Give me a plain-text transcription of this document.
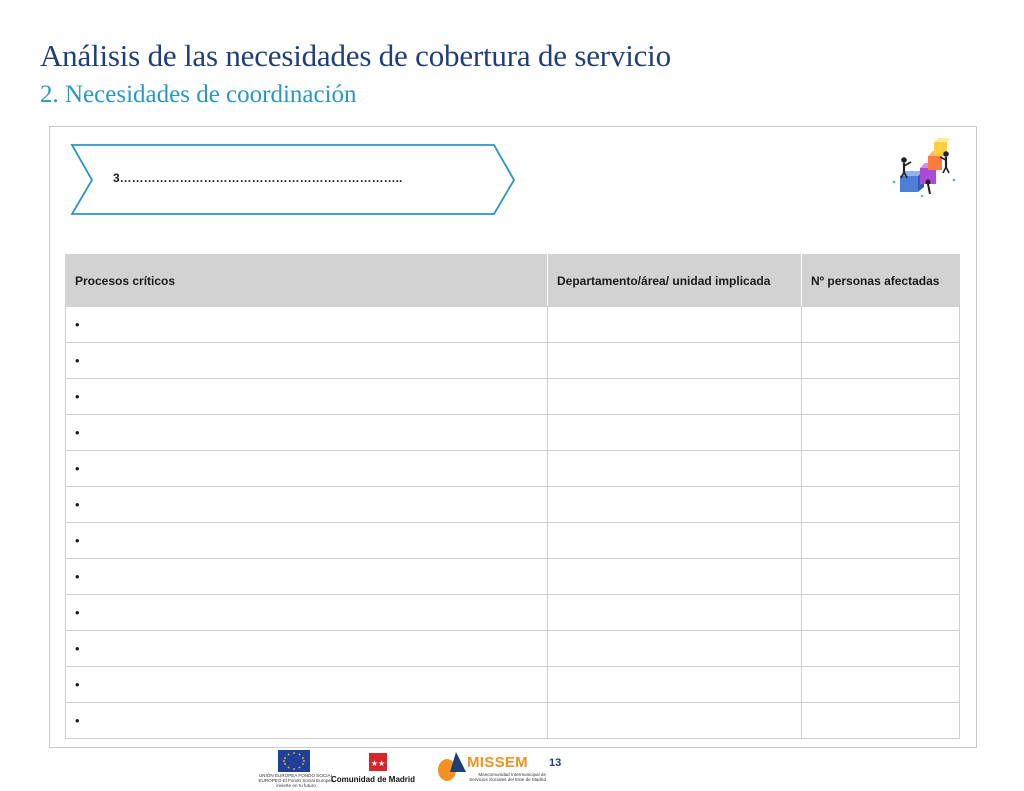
Análisis de las necesidades de cobertura de servicio
2. Necesidades de coordinación
3……………………………………………………………..
Procesos críticos	Departamento/área/ unidad implicada	Nº personas afectadas
•		
•		
•		
•		
•		
•		
•		
•		
•		
•		
•		
•		
★★
UNIÓN EUROPEA FONDO SOCIAL EUROPEO El Fondo Social Europeo invierte en tu futuro
Comunidad de Madrid
MISSEM
Mancomunidad Intermunicipal de Servicios Sociales del Este de Madrid
13
